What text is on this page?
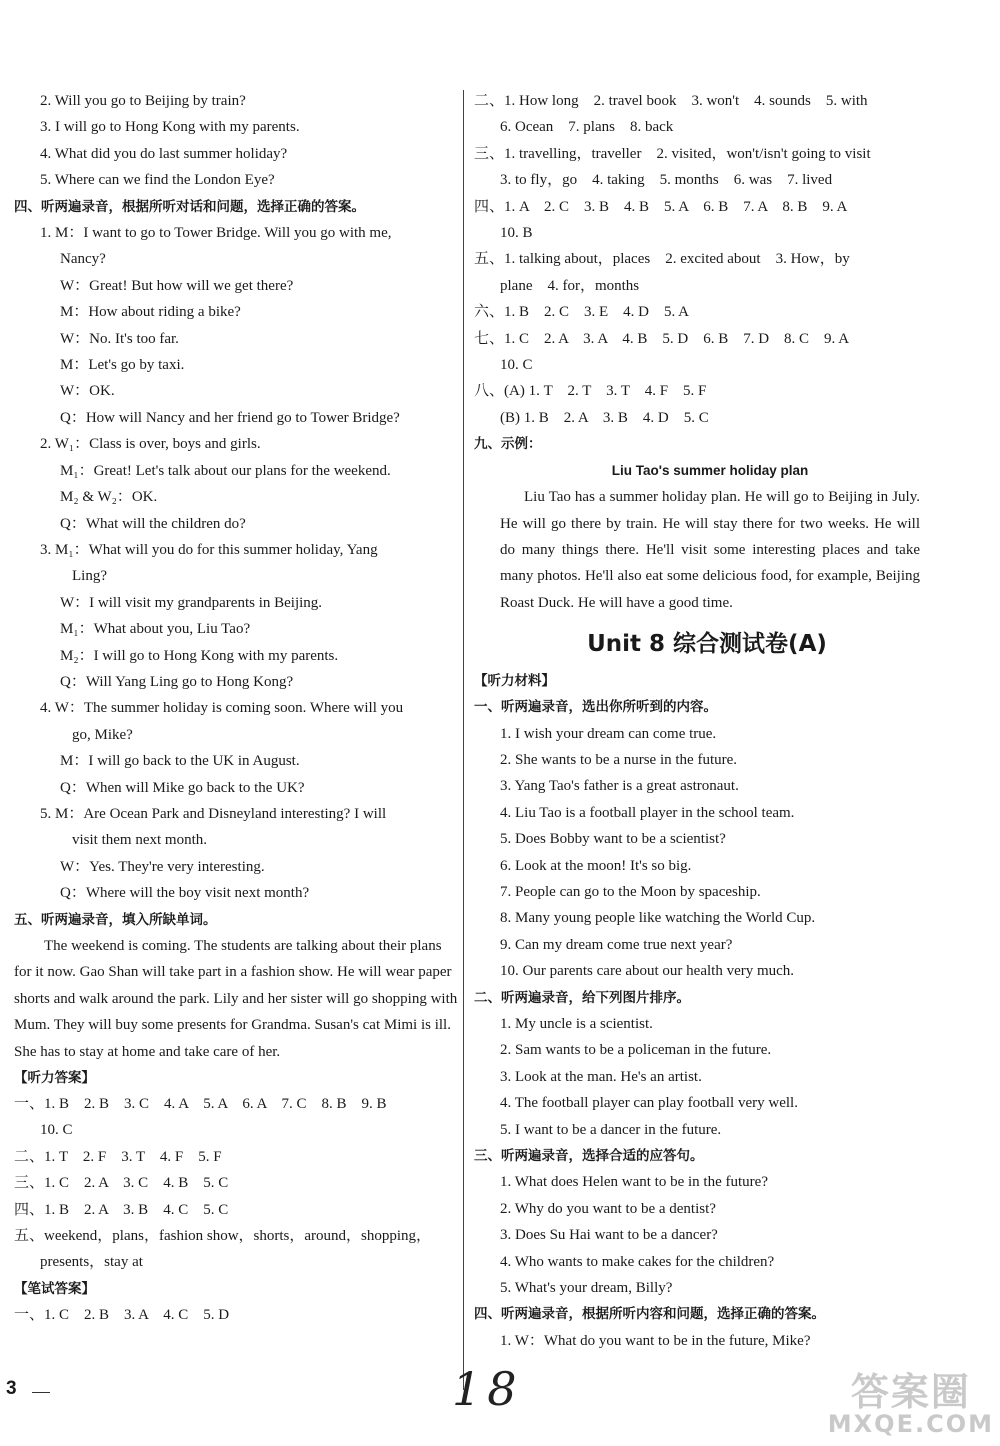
2. Will you go to Beijing by train?
3. I will go to Hong Kong with my parents.
4. What did you do last summer holiday?
5. Where can we find the London Eye?
四、听两遍录音，根据所听对话和问题，选择正确的答案。
1. M：I want to go to Tower Bridge. Will you go with me,
Nancy?
W：Great! But how will we get there?
M：How about riding a bike?
W：No. It's too far.
M：Let's go by taxi.
W：OK.
Q：How will Nancy and her friend go to Tower Bridge?
2. W₁：Class is over, boys and girls.
M₁：Great! Let's talk about our plans for the weekend.
M₂ & W₂：OK.
Q：What will the children do?
3. M₁：What will you do for this summer holiday, Yang
Ling?
W：I will visit my grandparents in Beijing.
M₁：What about you, Liu Tao?
M₂：I will go to Hong Kong with my parents.
Q：Will Yang Ling go to Hong Kong?
4. W：The summer holiday is coming soon. Where will you
go, Mike?
M：I will go back to the UK in August.
Q：When will Mike go back to the UK?
5. M：Are Ocean Park and Disneyland interesting? I will
visit them next month.
W：Yes. They're very interesting.
Q：Where will the boy visit next month?
五、听两遍录音，填入所缺单词。
The weekend is coming. The students are talking about their plans for it now. Gao Shan will take part in a fashion show. He will wear paper shorts and walk around the park. Lily and her sister will go shopping with Mum. They will buy some presents for Grandma. Susan's cat Mimi is ill. She has to stay at home and take care of her.
【听力答案】
一、1. B　2. B　3. C　4. A　5. A　6. A　7. C　8. B　9. B
10. C
二、1. T　2. F　3. T　4. F　5. F
三、1. C　2. A　3. C　4. B　5. C
四、1. B　2. A　3. B　4. C　5. C
五、weekend，plans，fashion show，shorts，around，shopping，
presents，stay at
【笔试答案】
一、1. C　2. B　3. A　4. C　5. D
二、1. How long　2. travel book　3. won't　4. sounds　5. with
6. Ocean　7. plans　8. back
三、1. travelling，traveller　2. visited，won't/isn't going to visit
3. to fly，go　4. taking　5. months　6. was　7. lived
四、1. A　2. C　3. B　4. B　5. A　6. B　7. A　8. B　9. A
10. B
五、1. talking about，places　2. excited about　3. How，by
plane　4. for，months
六、1. B　2. C　3. E　4. D　5. A
七、1. C　2. A　3. A　4. B　5. D　6. B　7. D　8. C　9. A
10. C
八、(A) 1. T　2. T　3. T　4. F　5. F
(B) 1. B　2. A　3. B　4. D　5. C
九、示例：
Liu Tao's summer holiday plan
Liu Tao has a summer holiday plan. He will go to Beijing in July. He will go there by train. He will stay there for two weeks. He will do many things there. He'll visit some interesting places and take many photos. He'll also eat some delicious food, for example, Beijing Roast Duck. He will have a good time.
Unit 8 综合测试卷(A)
【听力材料】
一、听两遍录音，选出你所听到的内容。
1. I wish your dream can come true.
2. She wants to be a nurse in the future.
3. Yang Tao's father is a great astronaut.
4. Liu Tao is a football player in the school team.
5. Does Bobby want to be a scientist?
6. Look at the moon! It's so big.
7. People can go to the Moon by spaceship.
8. Many young people like watching the World Cup.
9. Can my dream come true next year?
10. Our parents care about our health very much.
二、听两遍录音，给下列图片排序。
1. My uncle is a scientist.
2. Sam wants to be a policeman in the future.
3. Look at the man. He's an artist.
4. The football player can play football very well.
5. I want to be a dancer in the future.
三、听两遍录音，选择合适的应答句。
1. What does Helen want to be in the future?
2. Why do you want to be a dentist?
3. Does Su Hai want to be a dancer?
4. Who wants to make cakes for the children?
5. What's your dream, Billy?
四、听两遍录音，根据所听内容和问题，选择正确的答案。
1. W：What do you want to be in the future, Mike?
3	18	答案圈
MXQE.COM
